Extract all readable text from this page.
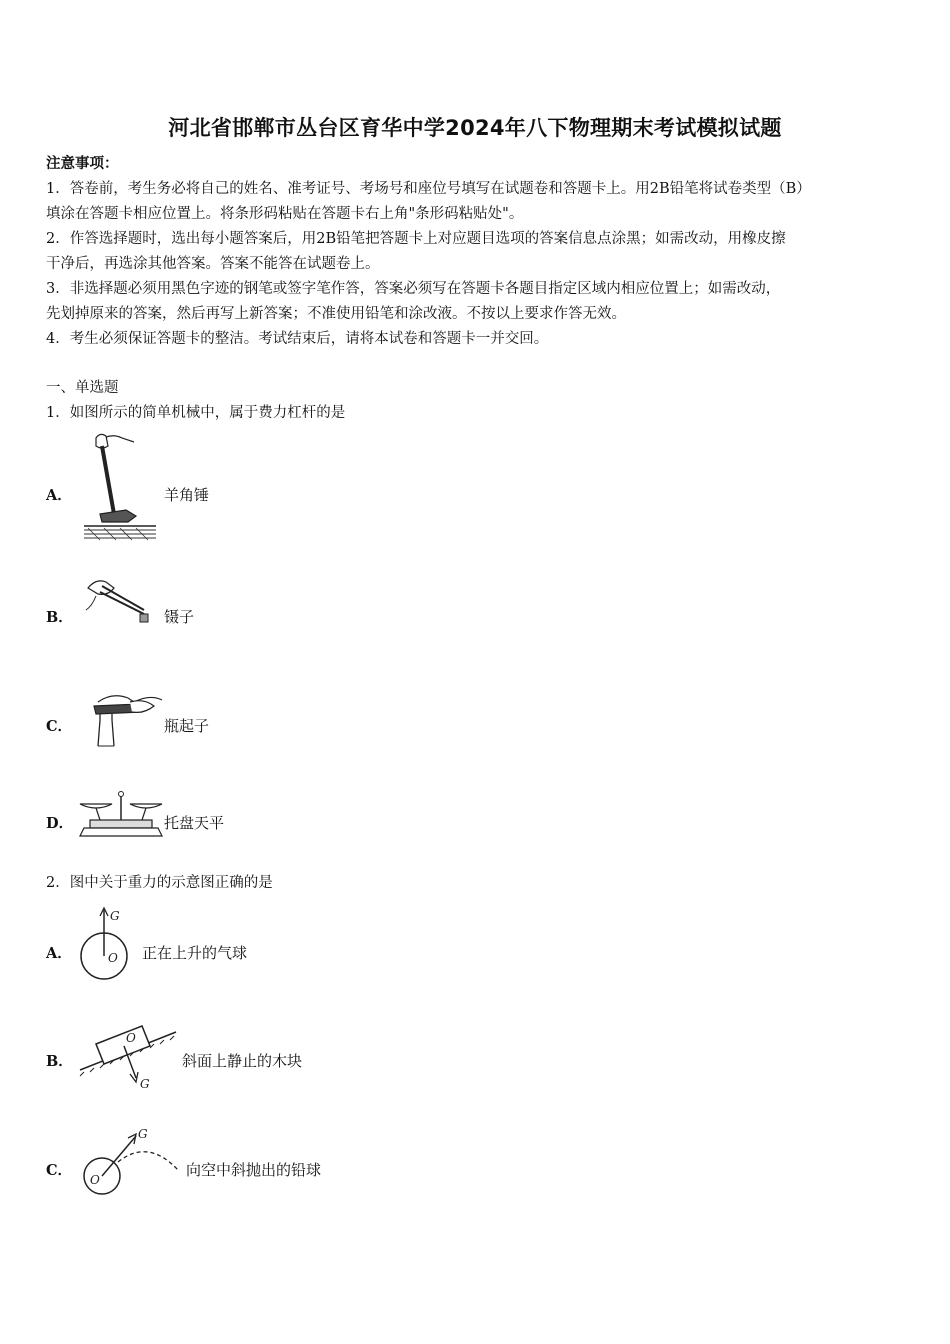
河北省邯郸市丛台区育华中学2024年八下物理期末考试模拟试题
注意事项：
1．答卷前，考生务必将自己的姓名、准考证号、考场号和座位号填写在试题卷和答题卡上。用2B铅笔将试卷类型（B）
填涂在答题卡相应位置上。将条形码粘贴在答题卡右上角"条形码粘贴处"。
2．作答选择题时，选出每小题答案后，用2B铅笔把答题卡上对应题目选项的答案信息点涂黑；如需改动，用橡皮擦
干净后，再选涂其他答案。答案不能答在试题卷上。
3．非选择题必须用黑色字迹的钢笔或签字笔作答，答案必须写在答题卡各题目指定区域内相应位置上；如需改动，
先划掉原来的答案，然后再写上新答案；不准使用铅笔和涂改液。不按以上要求作答无效。
4．考生必须保证答题卡的整洁。考试结束后，请将本试卷和答题卡一并交回。
一、单选题
1．如图所示的简单机械中，属于费力杠杆的是
A．	羊角锤
B．	镊子
C．	瓶起子
D．	托盘天平
2．图中关于重力的示意图正确的是
A．
G
O 正在上升的气球
B．
O
G
斜面上静止的木块
C．
G
O
向空中斜抛出的铅球
